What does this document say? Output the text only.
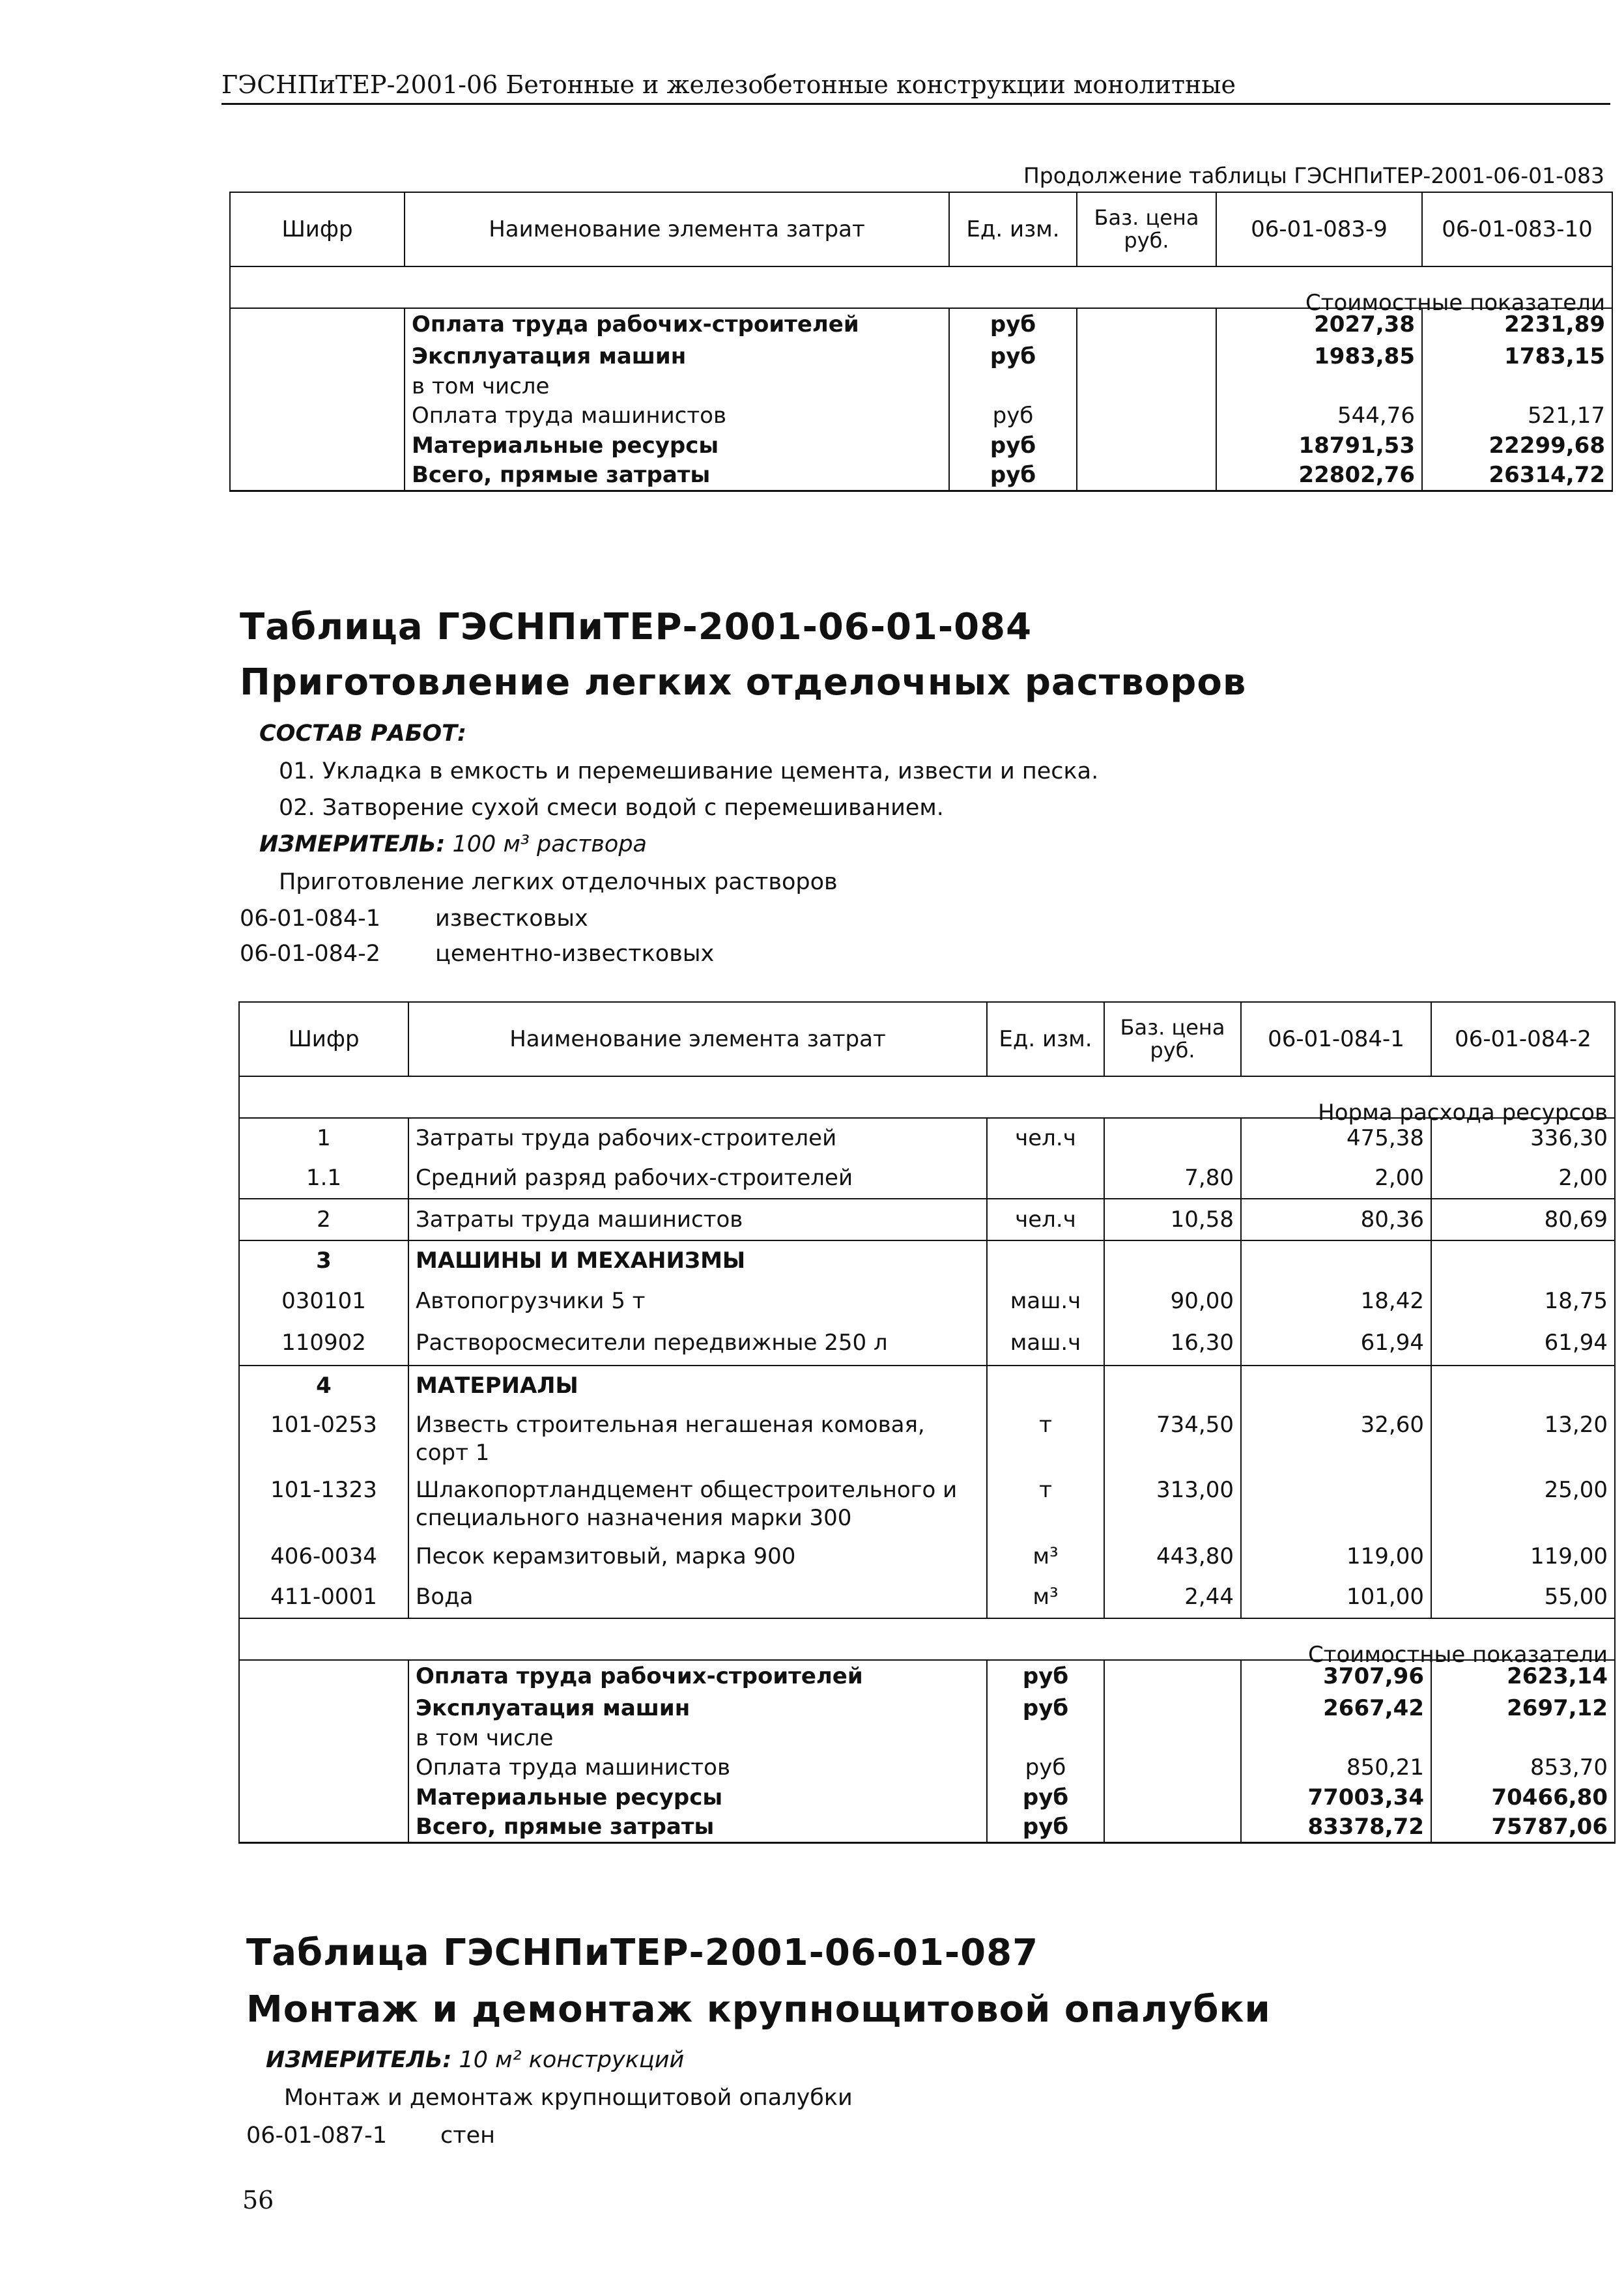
ГЭСНПиТЕР-2001-06 Бетонные и железобетонные конструкции монолитные
Продолжение таблицы ГЭСНПиТЕР-2001-06-01-083
Шифр	Наименование элемента затрат	Ед. изм.	Баз. цена руб.	06-01-083-9	06-01-083-10
Стоимостные показатели					
	Оплата труда рабочих-строителей	руб		2027,38	2231,89
	Эксплуатация машин	руб		1983,85	1783,15
	в том числе				
	Оплата труда машинистов	руб		544,76	521,17
	Материальные ресурсы	руб		18791,53	22299,68
	Всего, прямые затраты	руб		22802,76	26314,72
Таблица ГЭСНПиТЕР-2001-06-01-084
Приготовление легких отделочных растворов
СОСТАВ РАБОТ:
01. Укладка в емкость и перемешивание цемента, извести и песка.
02. Затворение сухой смеси водой с перемешиванием.
ИЗМЕРИТЕЛЬ: 100 м³ раствора
Приготовление легких отделочных растворов
06-01-084-1 известковых
06-01-084-2 цементно-известковых
Шифр	Наименование элемента затрат	Ед. изм.	Баз. цена руб.	06-01-084-1	06-01-084-2
Норма расхода ресурсов					
1	Затраты труда рабочих-строителей	чел.ч		475,38	336,30
1.1	Средний разряд рабочих-строителей		7,80	2,00	2,00
2	Затраты труда машинистов	чел.ч	10,58	80,36	80,69
3	МАШИНЫ И МЕХАНИЗМЫ				
030101	Автопогрузчики 5 т	маш.ч	90,00	18,42	18,75
110902	Растворосмесители передвижные 250 л	маш.ч	16,30	61,94	61,94
4	МАТЕРИАЛЫ				
101-0253	Известь строительная негашеная комовая,
сорт 1	т	734,50	32,60	13,20
101-1323	Шлакопортландцемент общестроительного и
специального назначения марки 300	т	313,00		25,00
406-0034	Песок керамзитовый, марка 900	м³	443,80	119,00	119,00
411-0001	Вода	м³	2,44	101,00	55,00
Стоимостные показатели					
	Оплата труда рабочих-строителей	руб		3707,96	2623,14
	Эксплуатация машин	руб		2667,42	2697,12
	в том числе				
	Оплата труда машинистов	руб		850,21	853,70
	Материальные ресурсы	руб		77003,34	70466,80
	Всего, прямые затраты	руб		83378,72	75787,06
Таблица ГЭСНПиТЕР-2001-06-01-087
Монтаж и демонтаж крупнощитовой опалубки
ИЗМЕРИТЕЛЬ: 10 м² конструкций
Монтаж и демонтаж крупнощитовой опалубки
06-01-087-1 стен
56
